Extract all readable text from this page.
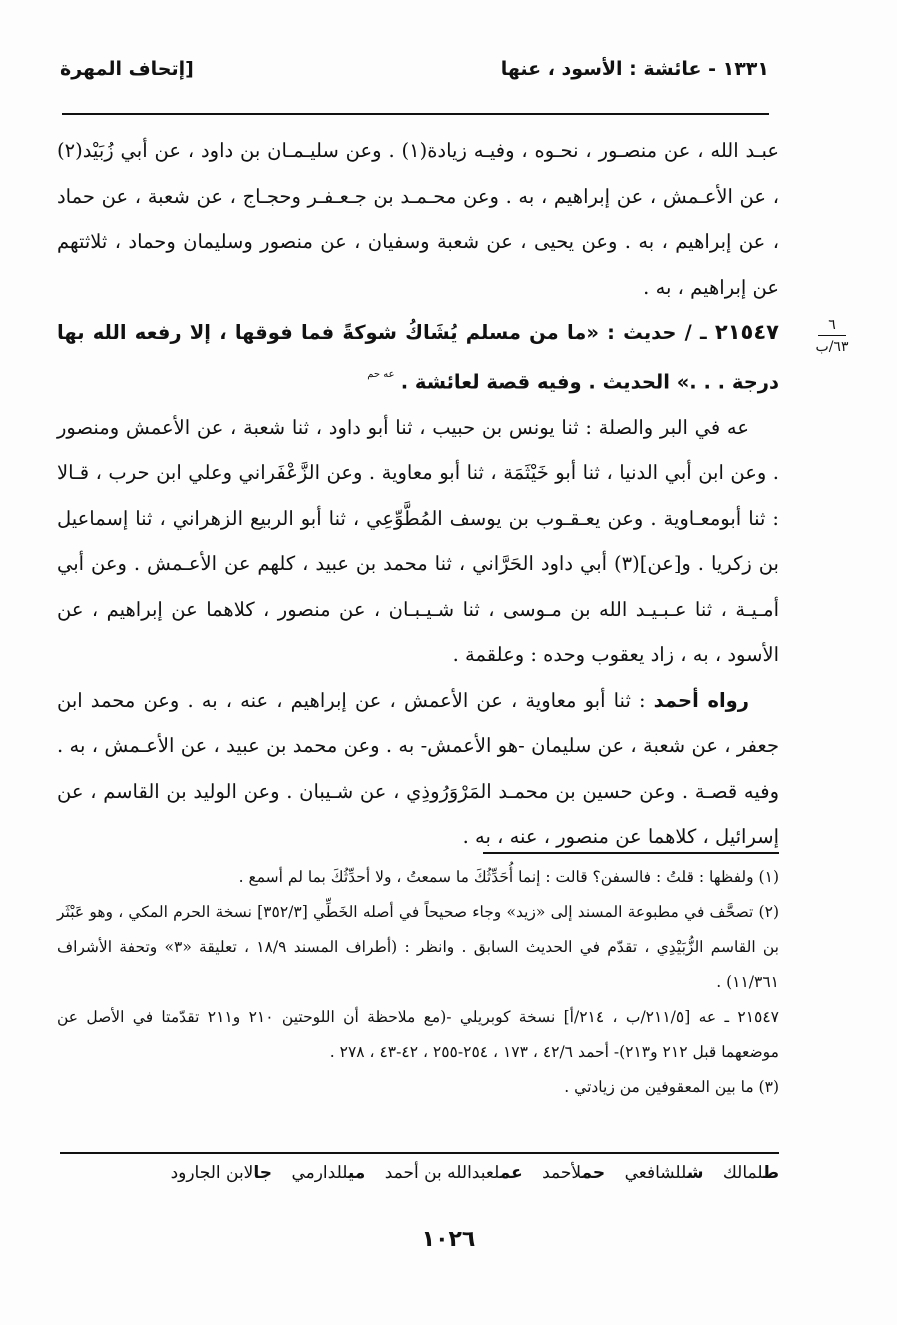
١٣٣١ - عائشة : الأسود ، عنها
[إتحاف المهرة
٦
٦٣/ب

عبـد الله ، عن منصـور ، نحـوه ، وفيـه زيادة(١) . وعن سليـمـان بن داود ، عن أبي زُبَيْد(٢) ، عن الأعـمش ، عن إبراهيم ، به . وعن محـمـد بن جـعـفـر وحجـاج ، عن شعبة ، عن حماد ، عن إبراهيم ، به . وعن يحيى ، عن شعبة وسفيان ، عن منصور وسليمان وحماد ، ثلاثتهم عن إبراهيم ، به .

٢١٥٤٧ ـ / حديث : «ما من مسلم يُشَاكُ شوكةً فما فوقها ، إلا رفعه الله بها درجة . . .» الحديث . وفيه قصة لعائشة . $^{عه حم}$

عه في البر والصلة : ثنا يونس بن حبيب ، ثنا أبو داود ، ثنا شعبة ، عن الأعمش ومنصور . وعن ابن أبي الدنيا ، ثنا أبو خَيْثَمَة ، ثنا أبو معاوية . وعن الزَّعْفَراني وعلي ابن حرب ، قـالا : ثنا أبومعـاوية . وعن يعـقـوب بن يوسف المُطَّوِّعِي ، ثنا أبو الربيع الزهراني ، ثنا إسماعيل بن زكريا . و[عن](٣) أبي داود الحَرَّاني ، ثنا محمد بن عبيد ، كلهم عن الأعـمش . وعن أبي أمـيـة ، ثنا عـبـيـد الله بن مـوسى ، ثنا شـيـبـان ، عن منصور ، كلاهما عن إبراهيم ، عن الأسود ، به ، زاد يعقوب وحده : وعلقمة .

رواه أحمد : ثنا أبو معاوية ، عن الأعمش ، عن إبراهيم ، عنه ، به . وعن محمد ابن جعفر ، عن شعبة ، عن سليمان -هو الأعمش- به . وعن محمد بن عبيد ، عن الأعـمش ، به . وفيه قصـة . وعن حسين بن محمـد المَرْوَرُوذِي ، عن شـيبان . وعن الوليد بن القاسم ، عن إسرائيل ، كلاهما عن منصور ، عنه ، به .

(١) ولفظها : قلتُ : فالسفن؟ قالت : إنما أُحَدِّثُكَ ما سمعتُ ، ولا أحدِّثُكَ بما لم أسمع .

(٢) تصحَّف في مطبوعة المسند إلى «زيد» وجاء صحيحاً في أصله الخَطِّي [٣٥٢/٣] نسخة الحرم المكي ، وهو عَبْثَر بن القاسم الزُّبَيْدِي ، تقدّم في الحديث السابق . وانظر : (أطراف المسند ١٨/٩ ، تعليقة «٣» وتحفة الأشراف ١١/٣٦١) .

٢١٥٤٧ ـ عه [٢١١/٥/ب ، ٢١٤/أ] نسخة كوبريلي -(مع ملاحظة أن اللوحتين ٢١٠ و٢١١ تقدّمتا في الأصل عن موضعهما قبل ٢١٢ و٢١٣)- أحمد ٤٢/٦ ، ١٧٣ ، ٢٥٤-٢٥٥ ، ٤٢-٤٣ ، ٢٧٨ .

(٣) ما بين المعقوفين من زيادتي .

طلمالك شللشافعي حملأحمد عملعبدالله بن أحمد ميللدارمي جالابن الجارود
١٠٢٦
